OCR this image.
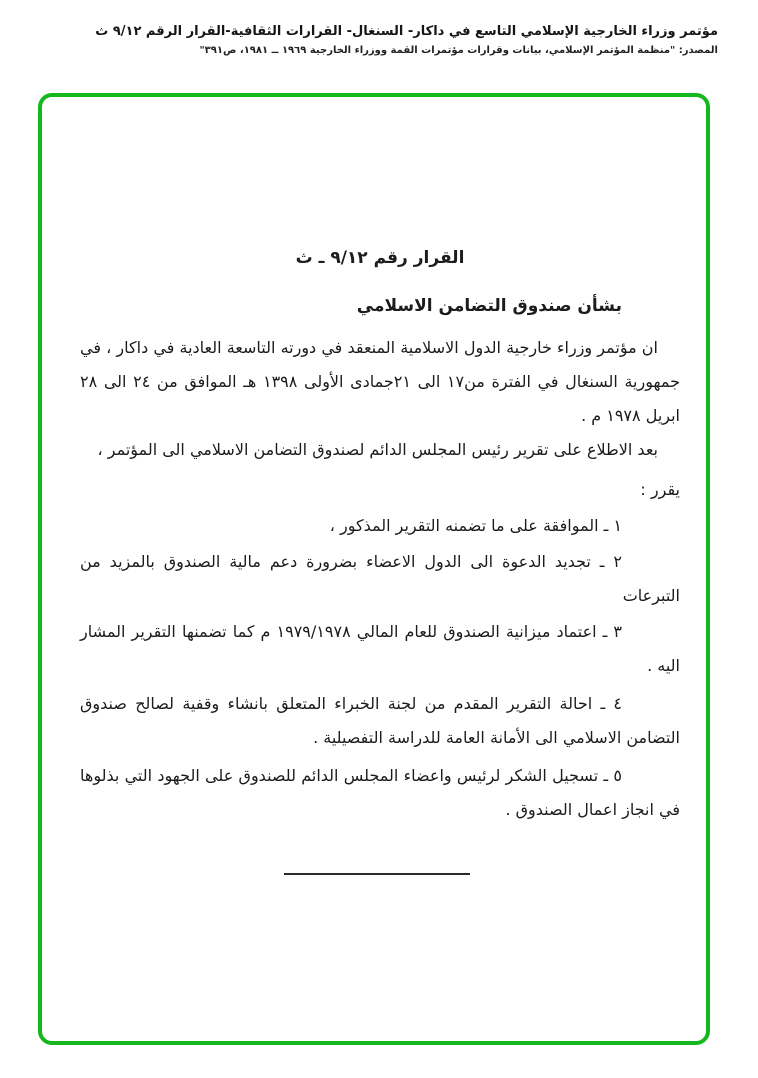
مؤتمر وزراء الخارجية الإسلامي التاسع في داكار- السنغال- القرارات الثقافية-القرار الرقم ٩/١٢ ث
المصدر: "منظمة المؤتمر الإسلامي، بيانات وقرارات مؤتمرات القمة ووزراء الخارجية ١٩٦٩ ــ ١٩٨١، ص٣٩١"
القرار رقم ٩/١٢ ـ ث
بشأن صندوق التضامن الاسلامي

ان مؤتمر وزراء خارجية الدول الاسلامية المنعقد في دورته التاسعة العادية في داكار ، في جمهورية السنغال في الفترة من١٧ الى ٢١جمادى الأولى ١٣٩٨ هـ الموافق من ٢٤ الى ٢٨ ابريل ١٩٧٨ م .

بعد الاطلاع على تقرير رئيس المجلس الدائم لصندوق التضامن الاسلامي الى المؤتمر ،

يقرر :

١ ـ الموافقة على ما تضمنه التقرير المذكور ،

٢ ـ تجديد الدعوة الى الدول الاعضاء بضرورة دعم مالية الصندوق بالمزيد من التبرعات

٣ ـ اعتماد ميزانية الصندوق للعام المالي ١٩٧٩/١٩٧٨ م كما تضمنها التقرير المشار اليه .

٤ ـ احالة التقرير المقدم من لجنة الخبراء المتعلق بانشاء وقفية لصالح صندوق التضامن الاسلامي الى الأمانة العامة للدراسة التفصيلية .

٥ ـ تسجيل الشكر لرئيس واعضاء المجلس الدائم للصندوق على الجهود التي بذلوها في انجاز اعمال الصندوق .
